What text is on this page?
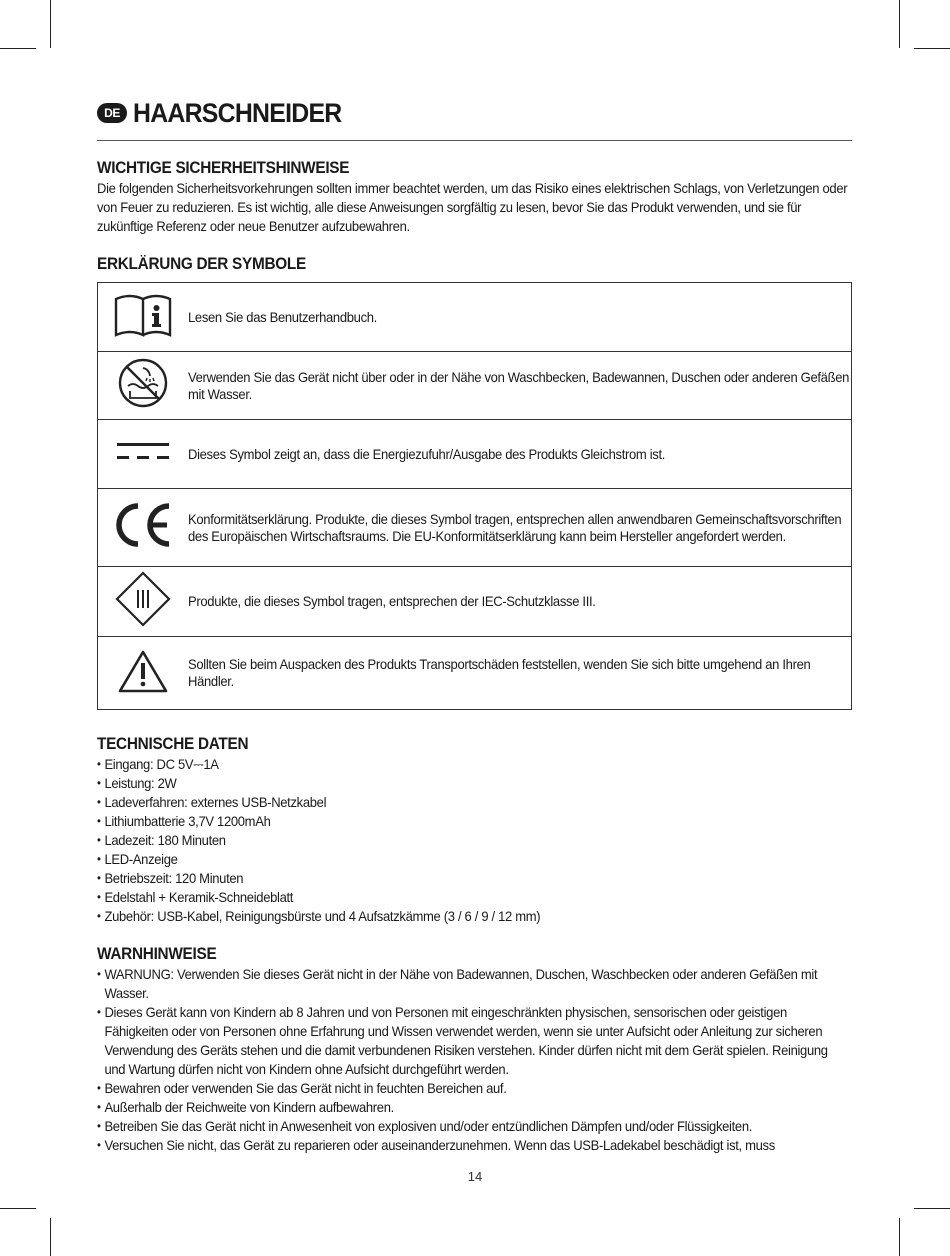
DE HAARSCHNEIDER
WICHTIGE SICHERHEITSHINWEISE
Die folgenden Sicherheitsvorkehrungen sollten immer beachtet werden, um das Risiko eines elektrischen Schlags, von Verletzungen oder von Feuer zu reduzieren. Es ist wichtig, alle diese Anweisungen sorgfältig zu lesen, bevor Sie das Produkt verwenden, und sie für zukünftige Referenz oder neue Benutzer aufzubewahren.
ERKLÄRUNG DER SYMBOLE

Lesen Sie das Benutzerhandbuch.

Verwenden Sie das Gerät nicht über oder in der Nähe von Waschbecken, Badewannen, Duschen oder anderen Gefäßen mit Wasser.

Dieses Symbol zeigt an, dass die Energiezufuhr/Ausgabe des Produkts Gleichstrom ist.

Konformitätserklärung. Produkte, die dieses Symbol tragen, entsprechen allen anwendbaren Gemeinschaftsvorschriften des Europäischen Wirtschaftsraums. Die EU-Konformitätserklärung kann beim Hersteller angefordert werden.

Produkte, die dieses Symbol tragen, entsprechen der IEC-Schutzklasse III.

Sollten Sie beim Auspacken des Produkts Transportschäden feststellen, wenden Sie sich bitte umgehend an Ihren Händler.
TECHNISCHE DATEN
• Eingang: DC 5V⎓1A
• Leistung: 2W
• Ladeverfahren: externes USB-Netzkabel
• Lithiumbatterie 3,7V 1200mAh
• Ladezeit: 180 Minuten
• LED-Anzeige
• Betriebszeit: 120 Minuten
• Edelstahl + Keramik-Schneideblatt
• Zubehör: USB-Kabel, Reinigungsbürste und 4 Aufsatzkämme (3 / 6 / 9 / 12 mm)
WARNHINWEISE
• WARNUNG: Verwenden Sie dieses Gerät nicht in der Nähe von Badewannen, Duschen, Waschbecken oder anderen Gefäßen mit Wasser.
• Dieses Gerät kann von Kindern ab 8 Jahren und von Personen mit eingeschränkten physischen, sensorischen oder geistigen Fähigkeiten oder von Personen ohne Erfahrung und Wissen verwendet werden, wenn sie unter Aufsicht oder Anleitung zur sicheren Verwendung des Geräts stehen und die damit verbundenen Risiken verstehen. Kinder dürfen nicht mit dem Gerät spielen. Reinigung und Wartung dürfen nicht von Kindern ohne Aufsicht durchgeführt werden.
• Bewahren oder verwenden Sie das Gerät nicht in feuchten Bereichen auf.
• Außerhalb der Reichweite von Kindern aufbewahren.
• Betreiben Sie das Gerät nicht in Anwesenheit von explosiven und/oder entzündlichen Dämpfen und/oder Flüssigkeiten.
• Versuchen Sie nicht, das Gerät zu reparieren oder auseinanderzunehmen. Wenn das USB-Ladekabel beschädigt ist, muss
14
